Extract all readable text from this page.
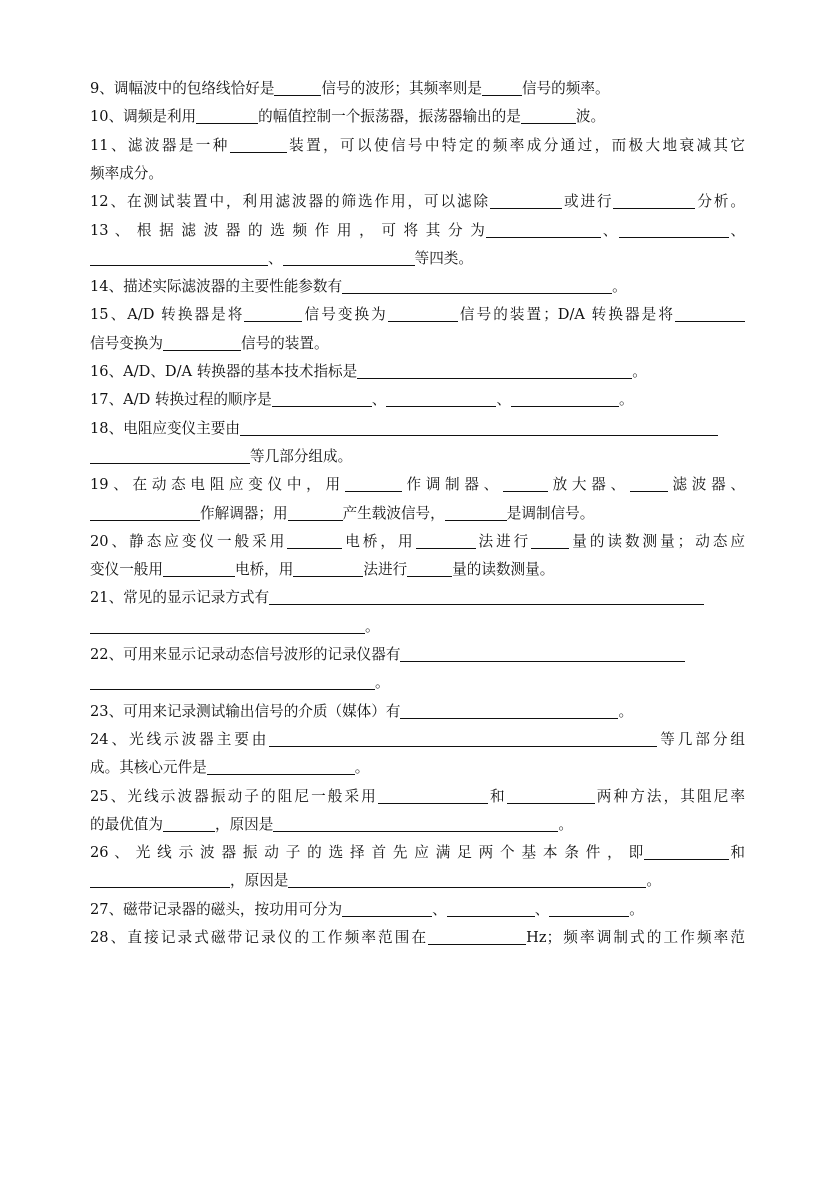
9、调幅波中的包络线恰好是	信号的波形；其频率则是	信号的频率。
10、调频是利用	的幅值控制一个振荡器，振荡器输出的是	波。
11、滤波器是一种	装置，可以使信号中特定的频率成分通过，而极大地衰减其它
频率成分。
12、在测试装置中，利用滤波器的筛选作用，可以滤除	或进行	分析。
13 、 根 据 滤 波 器 的 选 频 作 用 ， 可 将 其 分 为	、	、
、	等四类。
14、描述实际滤波器的主要性能参数有	。
15、A/D 转换器是将	信号变换为	信号的装置；D/A 转换器是将
信号变换为	信号的装置。
16、A/D、D/A 转换器的基本技术指标是	。
17、A/D 转换过程的顺序是	、	、	。
18、电阻应变仪主要由
等几部分组成。
19、在动态电阻应变仪中，用	作调制器、	放大器、	滤波器、
作解调器；用	产生载波信号，	是调制信号。
20、静态应变仪一般采用	电桥，用	法进行	量的读数测量；动态应
变仪一般用	电桥，用	法进行	量的读数测量。
21、常见的显示记录方式有
。
22、可用来显示记录动态信号波形的记录仪器有
。
23、可用来记录测试输出信号的介质（媒体）有	。
24、光线示波器主要由	等几部分组
成。其核心元件是	。
25、光线示波器振动子的阻尼一般采用	和	两种方法，其阻尼率
的最优值为	，原因是	。
26 、 光 线 示 波 器 振 动 子 的 选 择 首 先 应 满 足 两 个 基 本 条 件 ， 即	和
，原因是	。
27、磁带记录器的磁头，按功用可分为	、	、	。
28、直接记录式磁带记录仪的工作频率范围在	Hz；频率调制式的工作频率范
